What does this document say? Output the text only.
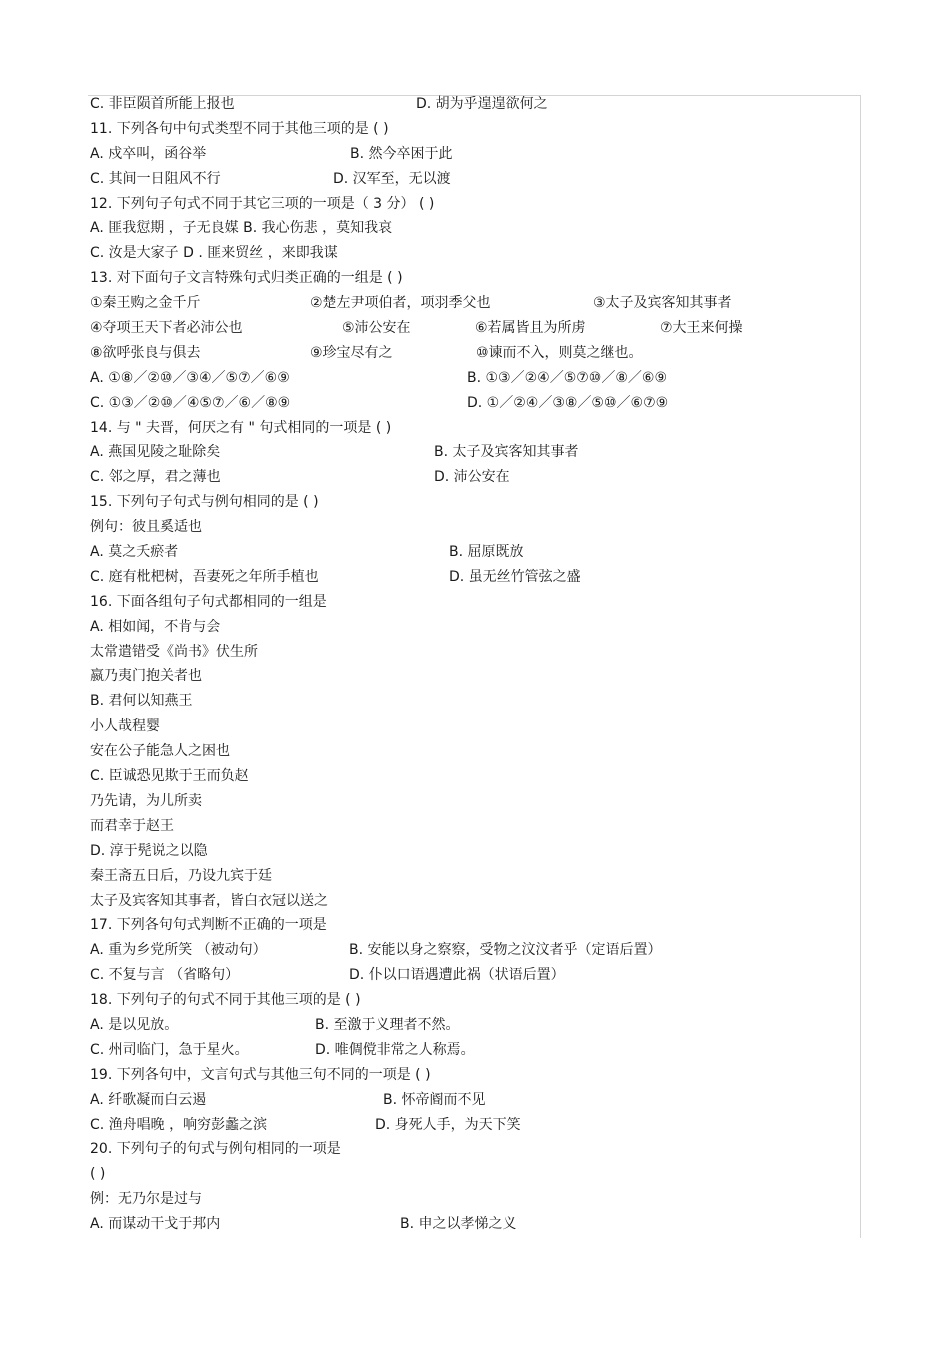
C. 非臣陨首所能上报也	D. 胡为乎遑遑欲何之
11. 下列各句中句式类型不同于其他三项的是 ( )
A. 戍卒叫，函谷举	B. 然今卒困于此
C. 其间一日阻风不行	D. 汉军至，无以渡
12. 下列句子句式不同于其它三项的一项是（ 3 分） ( )
A. 匪我愆期 ，子无良媒 B. 我心伤悲 ，莫知我哀
C. 汝是大家子 D . 匪来贸丝 ，来即我谋
13. 对下面句子文言特殊句式归类正确的一组是 ( )
①秦王购之金千斤	②楚左尹项伯者，项羽季父也	③太子及宾客知其事者
④夺项王天下者必沛公也	⑤沛公安在	⑥若属皆且为所虏	⑦大王来何操
⑧欲呼张良与俱去	⑨珍宝尽有之	⑩谏而不入，则莫之继也。
A. ①⑧／②⑩／③④／⑤⑦／⑥⑨	B. ①③／②④／⑤⑦⑩／⑧／⑥⑨
C. ①③／②⑩／④⑤⑦／⑥／⑧⑨	D. ①／②④／③⑧／⑤⑩／⑥⑦⑨
14. 与 " 夫晋，何厌之有 " 句式相同的一项是 ( )
A. 燕国见陵之耻除矣	B. 太子及宾客知其事者
C. 邻之厚，君之薄也	D. 沛公安在
15. 下列句子句式与例句相同的是 ( )
例句：彼且奚适也
A. 莫之夭瘀者	B. 屈原既放
C. 庭有枇杷树，吾妻死之年所手植也	D. 虽无丝竹管弦之盛
16. 下面各组句子句式都相同的一组是
A. 相如闻，不肯与会
太常遣错受《尚书》伏生所
嬴乃夷门抱关者也
B. 君何以知燕王
小人哉程婴
安在公子能急人之困也
C. 臣诚恐见欺于王而负赵
乃先请，为儿所卖
而君幸于赵王
D. 淳于髡说之以隐
秦王斋五日后，乃设九宾于廷
太子及宾客知其事者，皆白衣冠以送之
17. 下列各句句式判断不正确的一项是
A. 重为乡党所笑 （被动句）	B. 安能以身之察察，受物之汶汶者乎（定语后置）
C. 不复与言 （省略句）	D. 仆以口语遇遭此祸（状语后置）
18. 下列句子的句式不同于其他三项的是 ( )
A. 是以见放。	B. 至激于义理者不然。
C. 州司临门，急于星火。	D. 唯倜傥非常之人称焉。
19. 下列各句中，文言句式与其他三句不同的一项是 ( )
A. 纤歌凝而白云遏	B. 怀帝阍而不见
C. 渔舟唱晚 ，响穷彭蠡之滨	D. 身死人手，为天下笑
20. 下列句子的句式与例句相同的一项是
( )
例：无乃尔是过与
A. 而谋动干戈于邦内	B. 申之以孝悌之义
